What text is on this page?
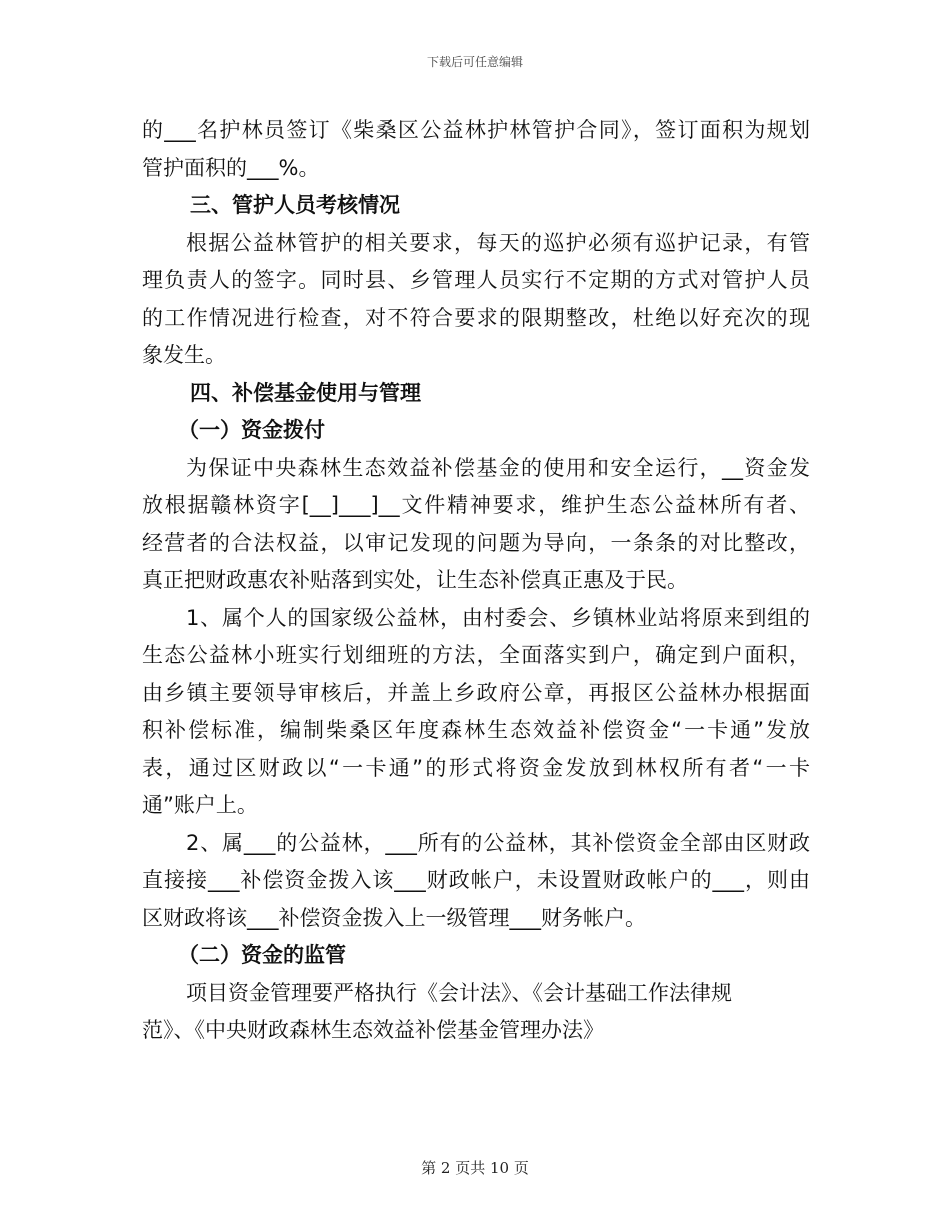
下载后可任意编辑
的___名护林员签订《柴桑区公益林护林管护合同》，签订面积为规划
管护面积的___%。
三、管护人员考核情况
根据公益林管护的相关要求，每天的巡护必须有巡护记录，有管
理负责人的签字。同时县、乡管理人员实行不定期的方式对管护人员
的工作情况进行检查，对不符合要求的限期整改，杜绝以好充次的现
象发生。
四、补偿基金使用与管理
（一）资金拨付
为保证中央森林生态效益补偿基金的使用和安全运行，__资金发
放根据赣林资字[__]___]__文件精神要求，维护生态公益林所有者、
经营者的合法权益，以审记发现的问题为导向，一条条的对比整改，
真正把财政惠农补贴落到实处，让生态补偿真正惠及于民。
1、属个人的国家级公益林，由村委会、乡镇林业站将原来到组的
生态公益林小班实行划细班的方法，全面落实到户，确定到户面积，
由乡镇主要领导审核后，并盖上乡政府公章，再报区公益林办根据面
积补偿标准，编制柴桑区年度森林生态效益补偿资金“一卡通”发放
表，通过区财政以“一卡通”的形式将资金发放到林权所有者“一卡
通”账户上。
2、属___的公益林，___所有的公益林，其补偿资金全部由区财政
直接接___补偿资金拨入该___财政帐户，未设置财政帐户的___，则由
区财政将该___补偿资金拨入上一级管理___财务帐户。
（二）资金的监管
项目资金管理要严格执行《会计法》、《会计基础工作法律规
范》、《中央财政森林生态效益补偿基金管理办法》
第 2 页共 10 页
